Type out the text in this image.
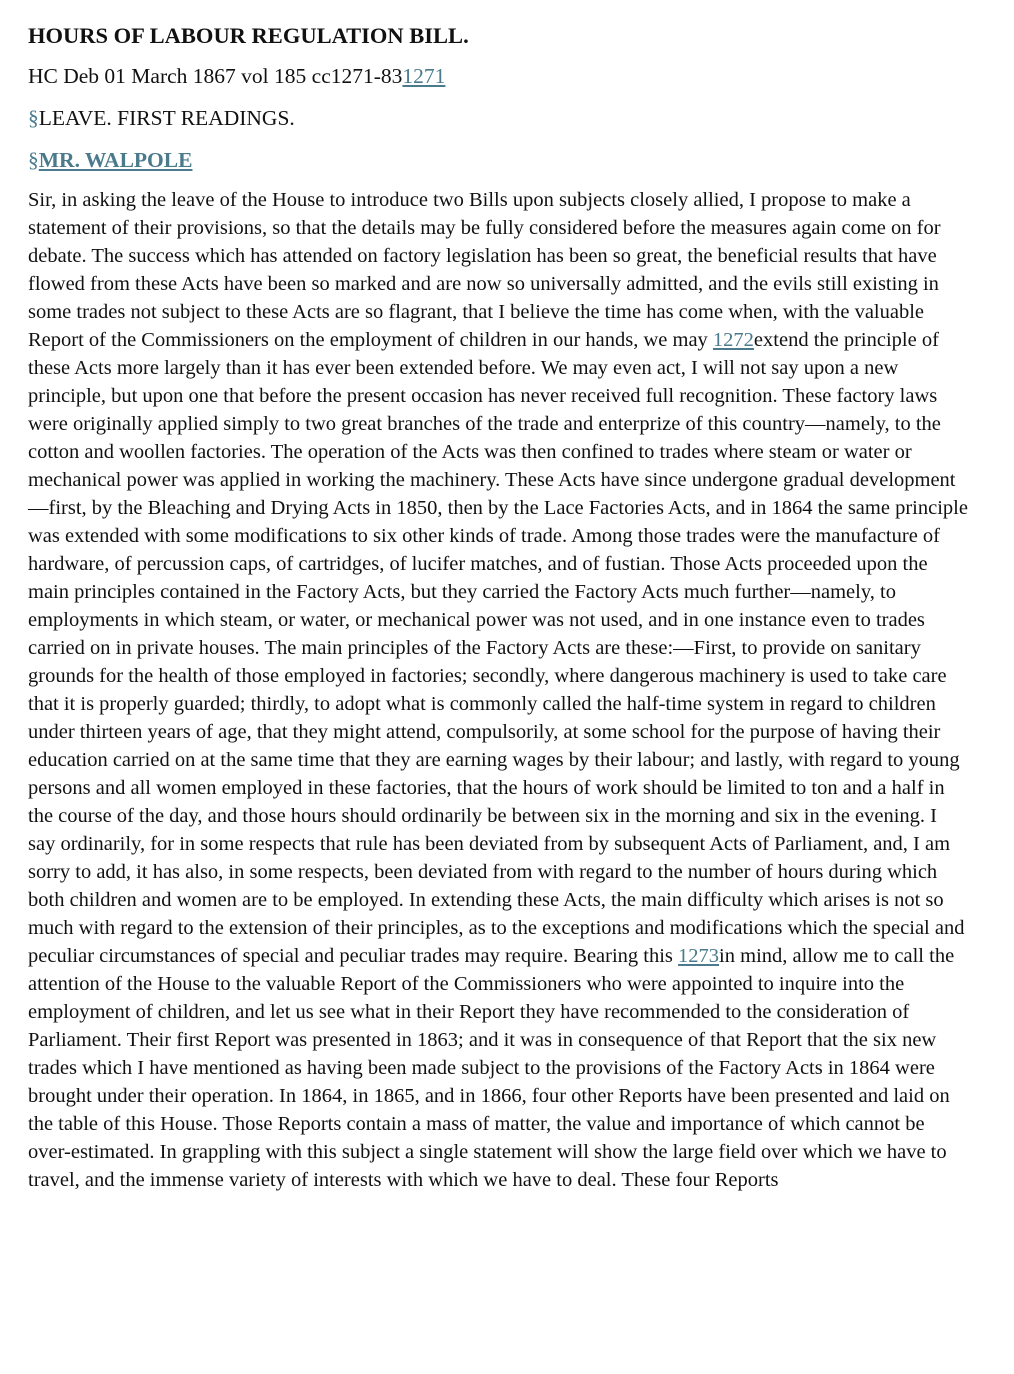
HOURS OF LABOUR REGULATION BILL.
HC Deb 01 March 1867 vol 185 cc1271-831271
§LEAVE. FIRST READINGS.
§MR. WALPOLE

Sir, in asking the leave of the House to introduce two Bills upon subjects closely allied, I propose to make a statement of their provisions, so that the details may be fully considered before the measures again come on for debate. The success which has attended on factory legislation has been so great, the beneficial results that have flowed from these Acts have been so marked and are now so universally admitted, and the evils still existing in some trades not subject to these Acts are so flagrant, that I believe the time has come when, with the valuable Report of the Commissioners on the employment of children in our hands, we may 1272extend the principle of these Acts more largely than it has ever been extended before. We may even act, I will not say upon a new principle, but upon one that before the present occasion has never received full recognition. These factory laws were originally applied simply to two great branches of the trade and enterprize of this country—namely, to the cotton and woollen factories. The operation of the Acts was then confined to trades where steam or water or mechanical power was applied in working the machinery. These Acts have since undergone gradual development—first, by the Bleaching and Drying Acts in 1850, then by the Lace Factories Acts, and in 1864 the same principle was extended with some modifications to six other kinds of trade. Among those trades were the manufacture of hardware, of percussion caps, of cartridges, of lucifer matches, and of fustian. Those Acts proceeded upon the main principles contained in the Factory Acts, but they carried the Factory Acts much further—namely, to employments in which steam, or water, or mechanical power was not used, and in one instance even to trades carried on in private houses. The main principles of the Factory Acts are these:—First, to provide on sanitary grounds for the health of those employed in factories; secondly, where dangerous machinery is used to take care that it is properly guarded; thirdly, to adopt what is commonly called the half-time system in regard to children under thirteen years of age, that they might attend, compulsorily, at some school for the purpose of having their education carried on at the same time that they are earning wages by their labour; and lastly, with regard to young persons and all women employed in these factories, that the hours of work should be limited to ton and a half in the course of the day, and those hours should ordinarily be between six in the morning and six in the evening. I say ordinarily, for in some respects that rule has been deviated from by subsequent Acts of Parliament, and, I am sorry to add, it has also, in some respects, been deviated from with regard to the number of hours during which both children and women are to be employed. In extending these Acts, the main difficulty which arises is not so much with regard to the extension of their principles, as to the exceptions and modifications which the special and peculiar circumstances of special and peculiar trades may require. Bearing this 1273in mind, allow me to call the attention of the House to the valuable Report of the Commissioners who were appointed to inquire into the employment of children, and let us see what in their Report they have recommended to the consideration of Parliament. Their first Report was presented in 1863; and it was in consequence of that Report that the six new trades which I have mentioned as having been made subject to the provisions of the Factory Acts in 1864 were brought under their operation. In 1864, in 1865, and in 1866, four other Reports have been presented and laid on the table of this House. Those Reports contain a mass of matter, the value and importance of which cannot be over-estimated. In grappling with this subject a single statement will show the large field over which we have to travel, and the immense variety of interests with which we have to deal. These four Reports
